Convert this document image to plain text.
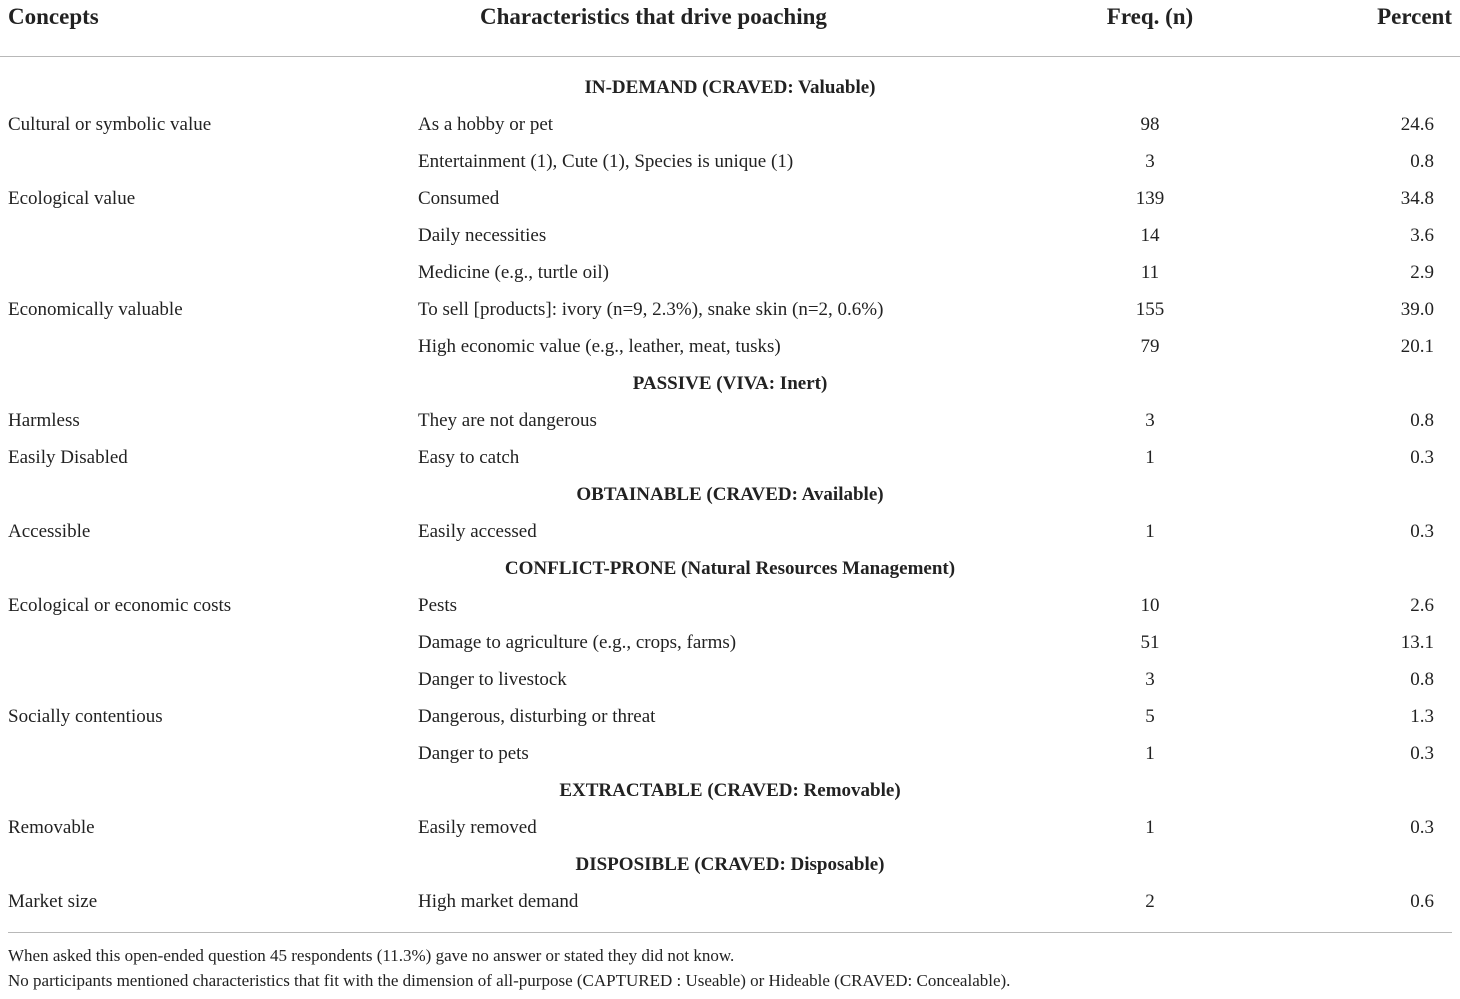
Concepts	Characteristics that drive poaching	Freq. (n)	Percent

IN-DEMAND (CRAVED: Valuable)			
Cultural or symbolic value	As a hobby or pet	98	24.6
	Entertainment (1), Cute (1), Species is unique (1)	3	0.8
Ecological value	Consumed	139	34.8
	Daily necessities	14	3.6
	Medicine (e.g., turtle oil)	11	2.9
Economically valuable	To sell [products]: ivory (n=9, 2.3%), snake skin (n=2, 0.6%)	155	39.0
	High economic value (e.g., leather, meat, tusks)	79	20.1
PASSIVE (VIVA: Inert)			
Harmless	They are not dangerous	3	0.8
Easily Disabled	Easy to catch	1	0.3
OBTAINABLE (CRAVED: Available)			
Accessible	Easily accessed	1	0.3
CONFLICT-PRONE (Natural Resources Management)			
Ecological or economic costs	Pests	10	2.6
	Damage to agriculture (e.g., crops, farms)	51	13.1
	Danger to livestock	3	0.8
Socially contentious	Dangerous, disturbing or threat	5	1.3
	Danger to pets	1	0.3
EXTRACTABLE (CRAVED: Removable)			
Removable	Easily removed	1	0.3
DISPOSIBLE (CRAVED: Disposable)			
Market size	High market demand	2	0.6
When asked this open-ended question 45 respondents (11.3%) gave no answer or stated they did not know.
No participants mentioned characteristics that fit with the dimension of all-purpose (CAPTURED : Useable) or Hideable (CRAVED: Concealable).
